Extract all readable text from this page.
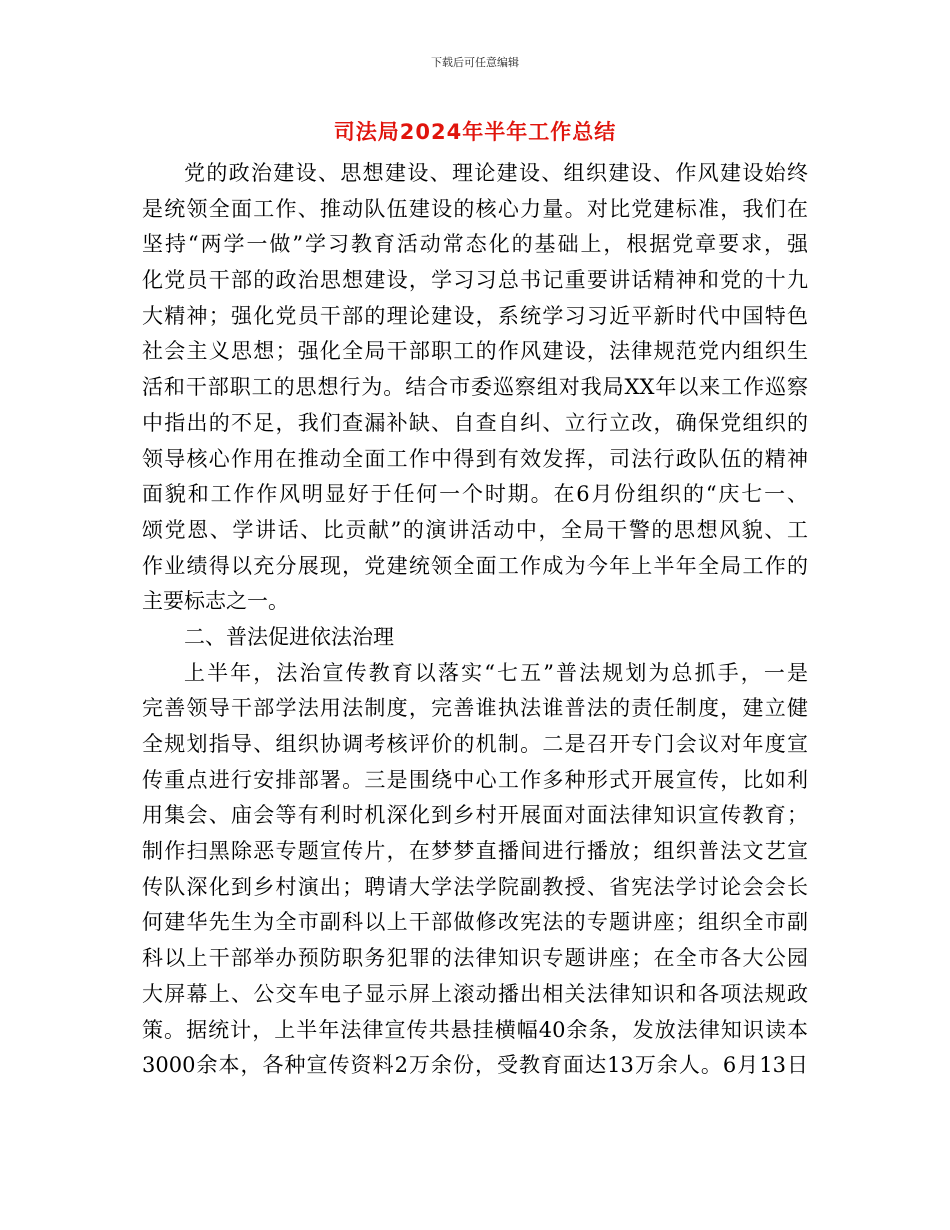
下载后可任意编辑
司法局2024年半年工作总结
党的政治建设、思想建设、理论建设、组织建设、作风建设始终
是统领全面工作、推动队伍建设的核心力量。对比党建标准，我们在
坚持“两学一做”学习教育活动常态化的基础上，根据党章要求，强
化党员干部的政治思想建设，学习习总书记重要讲话精神和党的十九
大精神；强化党员干部的理论建设，系统学习习近平新时代中国特色
社会主义思想；强化全局干部职工的作风建设，法律规范党内组织生
活和干部职工的思想行为。结合市委巡察组对我局XX年以来工作巡察
中指出的不足，我们查漏补缺、自查自纠、立行立改，确保党组织的
领导核心作用在推动全面工作中得到有效发挥，司法行政队伍的精神
面貌和工作作风明显好于任何一个时期。在6月份组织的“庆七一、
颂党恩、学讲话、比贡献”的演讲活动中，全局干警的思想风貌、工
作业绩得以充分展现，党建统领全面工作成为今年上半年全局工作的
主要标志之一。
二、普法促进依法治理
上半年，法治宣传教育以落实“七五”普法规划为总抓手，一是
完善领导干部学法用法制度，完善谁执法谁普法的责任制度，建立健
全规划指导、组织协调考核评价的机制。二是召开专门会议对年度宣
传重点进行安排部署。三是围绕中心工作多种形式开展宣传，比如利
用集会、庙会等有利时机深化到乡村开展面对面法律知识宣传教育；
制作扫黑除恶专题宣传片，在梦梦直播间进行播放；组织普法文艺宣
传队深化到乡村演出；聘请大学法学院副教授、省宪法学讨论会会长
何建华先生为全市副科以上干部做修改宪法的专题讲座；组织全市副
科以上干部举办预防职务犯罪的法律知识专题讲座；在全市各大公园
大屏幕上、公交车电子显示屏上滚动播出相关法律知识和各项法规政
策。据统计，上半年法律宣传共悬挂横幅40余条，发放法律知识读本
3000余本，各种宣传资料2万余份，受教育面达13万余人。6月13日
